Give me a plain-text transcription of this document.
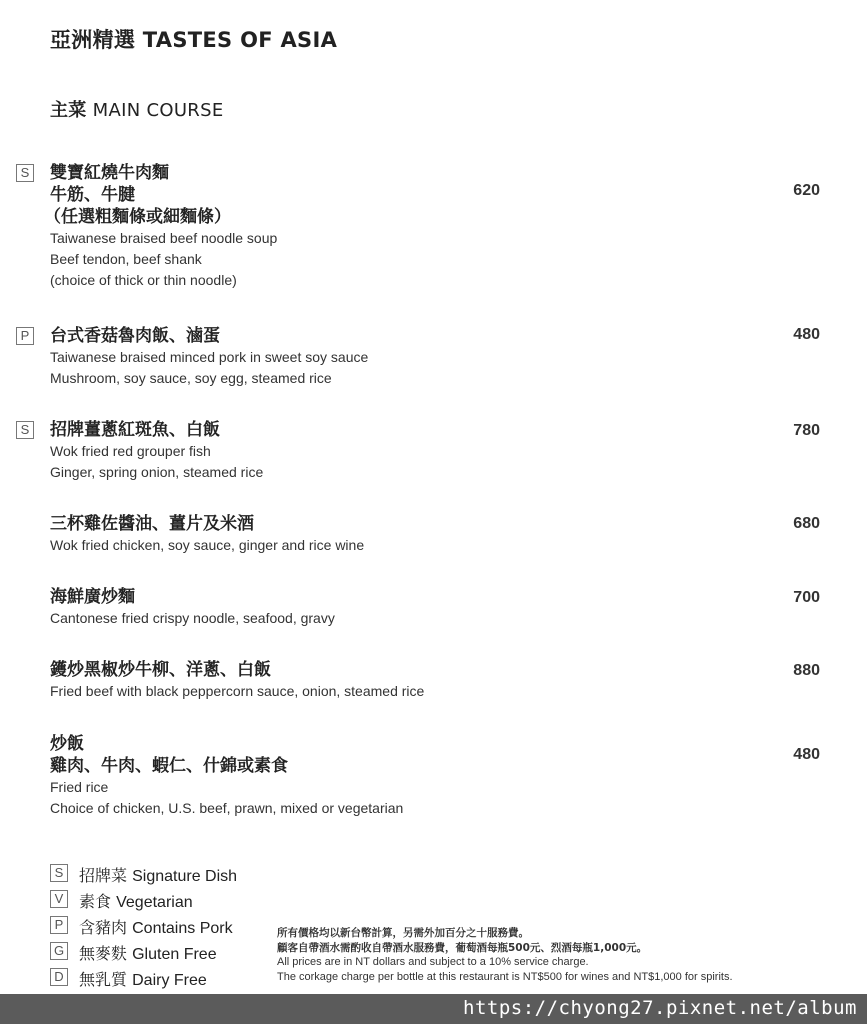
亞洲精選 TASTES OF ASIA
主菜 MAIN COURSE
S 雙寶紅燒牛肉麵
牛筋、牛腱
（任選粗麵條或細麵條）
Taiwanese braised beef noodle soup
Beef tendon, beef shank
(choice of thick or thin noodle)
620
P 台式香菇魯肉飯、滷蛋
Taiwanese braised minced pork in sweet soy sauce
Mushroom, soy sauce, soy egg, steamed rice
480
S 招牌薑蔥紅斑魚、白飯
Wok fried red grouper fish
Ginger, spring onion, steamed rice
780
三杯雞佐醬油、薑片及米酒
Wok fried chicken, soy sauce, ginger and rice wine
680
海鮮廣炒麵
Cantonese fried crispy noodle, seafood, gravy
700
鑊炒黑椒炒牛柳、洋蔥、白飯
Fried beef with black peppercorn sauce, onion, steamed rice
880
炒飯
雞肉、牛肉、蝦仁、什錦或素食
Fried rice
Choice of chicken, U.S. beef, prawn, mixed or vegetarian
480
S 招牌菜 Signature Dish
V 素食 Vegetarian
P 含豬肉 Contains Pork
G 無麥麩 Gluten Free
D 無乳質 Dairy Free
所有價格均以新台幣計算，另需外加百分之十服務費。
顧客自帶酒水需酌收自帶酒水服務費，葡萄酒每瓶500元、烈酒每瓶1,000元。
All prices are in NT dollars and subject to a 10% service charge.
The corkage charge per bottle at this restaurant is NT$500 for wines and NT$1,000 for spirits.
https://chyong27.pixnet.net/album
